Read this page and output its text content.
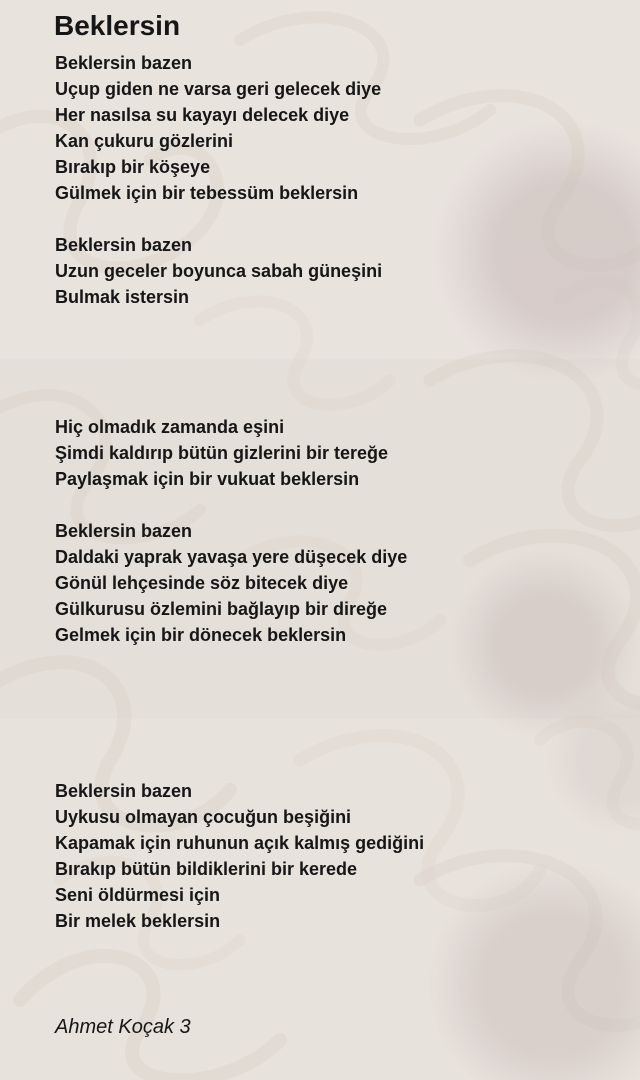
Beklersin
Beklersin bazen
Uçup giden ne varsa geri gelecek diye
Her nasılsa su kayayı delecek diye
Kan çukuru gözlerini
Bırakıp bir köşeye
Gülmek için bir tebessüm beklersin

Beklersin bazen
Uzun geceler boyunca sabah güneşini
Bulmak istersin

Hiç olmadık zamanda eşini
Şimdi kaldırıp bütün gizlerini bir tereğe
Paylaşmak için bir vukuat beklersin

Beklersin bazen
Daldaki yaprak yavaşa yere düşecek diye
Gönül lehçesinde söz bitecek diye
Gülkurusu özlemini bağlayıp bir direğe
Gelmek için bir dönecek beklersin

Beklersin bazen
Uykusu olmayan çocuğun beşiğini
Kapamak için ruhunun açık kalmış gediğini
Bırakıp bütün bildiklerini bir kerede
Seni öldürmesi için
Bir melek beklersin
Ahmet Koçak 3
